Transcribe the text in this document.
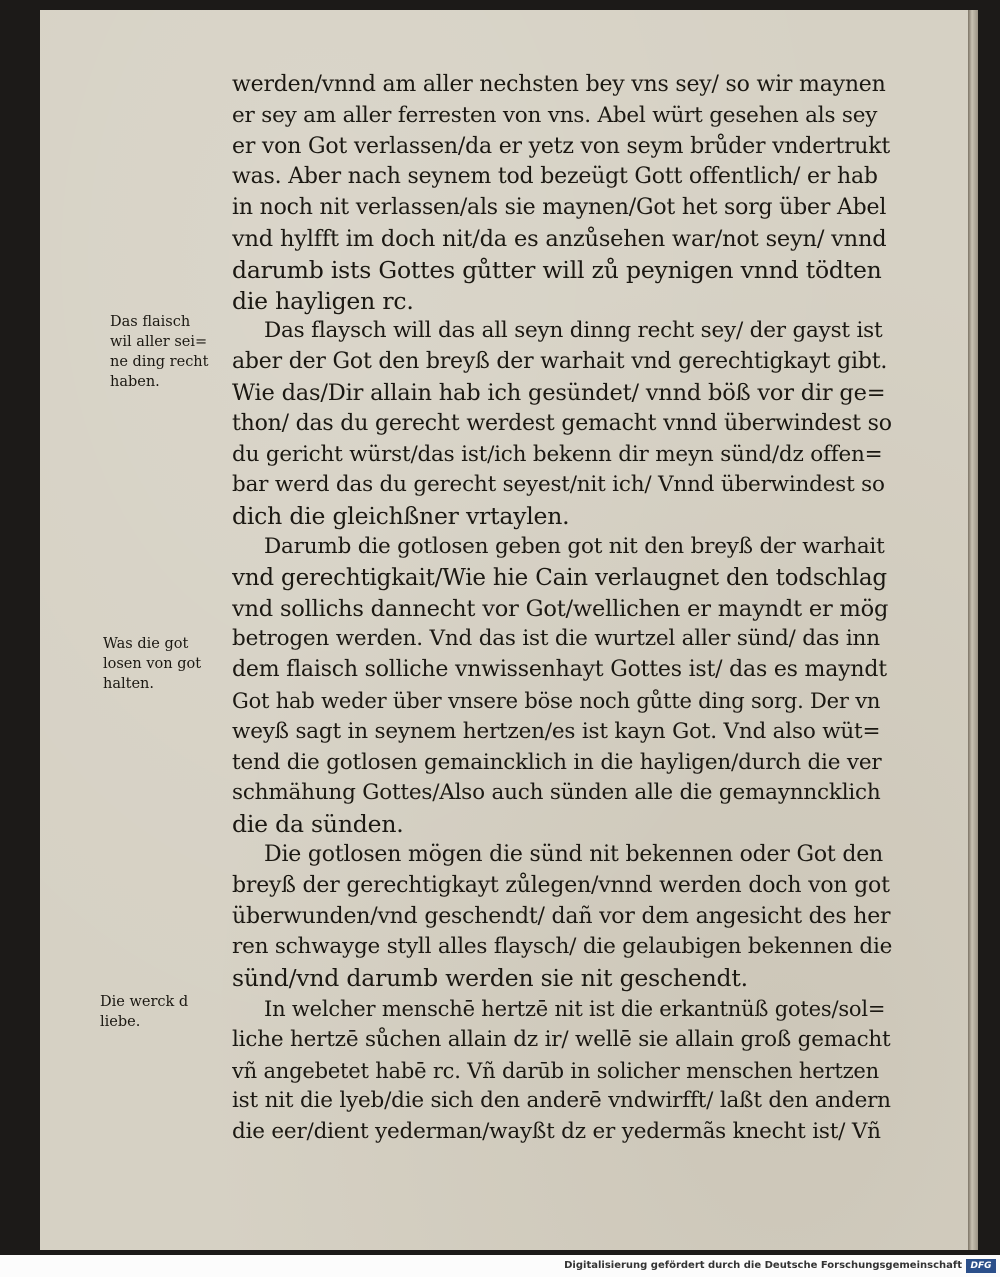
werden/vnnd am aller nechsten bey vns sey/ so wir maynen
er sey am aller ferresten von vns. Abel würt gesehen als sey
er von Got verlassen/da er yetz von seym brůder vndertrukt
was. Aber nach seynem tod bezeügt Gott offentlich/ er hab
in noch nit verlassen/als sie maynen/Got het sorg über Abel
vnd hylfft im doch nit/da es anzůsehen war/not seyn/ vnnd
darumb ists Gottes gůtter will zů peynigen vnnd tödten
die hayligen rc.
Das flaysch will das all seyn dinng recht sey/ der gayst ist
aber der Got den breyß der warhait vnd gerechtigkayt gibt.
Wie das/Dir allain hab ich gesündet/ vnnd böß vor dir ge=
thon/ das du gerecht werdest gemacht vnnd überwindest so
du gericht würst/das ist/ich bekenn dir meyn sünd/dz offen=
bar werd das du gerecht seyest/nit ich/ Vnnd überwindest so
dich die gleichßner vrtaylen.
Darumb die gotlosen geben got nit den breyß der warhait
vnd gerechtigkait/Wie hie Cain verlaugnet den todschlag
vnd sollichs dannecht vor Got/wellichen er mayndt er mög
betrogen werden. Vnd das ist die wurtzel aller sünd/ das inn
dem flaisch solliche vnwissenhayt Gottes ist/ das es mayndt
Got hab weder über vnsere böse noch gůtte ding sorg. Der vn
weyß sagt in seynem hertzen/es ist kayn Got. Vnd also wüt=
tend die gotlosen gemaincklich in die hayligen/durch die ver
schmähung Gottes/Also auch sünden alle die gemaynncklich
die da sünden.
Die gotlosen mögen die sünd nit bekennen oder Got den
breyß der gerechtigkayt zůlegen/vnnd werden doch von got
überwunden/vnd geschendt/ dañ vor dem angesicht des her
ren schwayge styll alles flaysch/ die gelaubigen bekennen die
sünd/vnd darumb werden sie nit geschendt.
In welcher menschē hertzē nit ist die erkantnüß gotes/sol=
liche hertzē sůchen allain dz ir/ wellē sie allain groß gemacht
vñ angebetet habē rc. Vñ darūb in solicher menschen hertzen
ist nit die lyeb/die sich den anderē vndwirfft/ laßt den andern
die eer/dient yederman/wayßt dz er yedermãs knecht ist/ Vñ
Das flaisch
wil aller sei=
ne ding recht
haben.
Was die got
losen von got
halten.
Die werck d
liebe.
Digitalisierung gefördert durch die Deutsche Forschungsgemeinschaft DFG
